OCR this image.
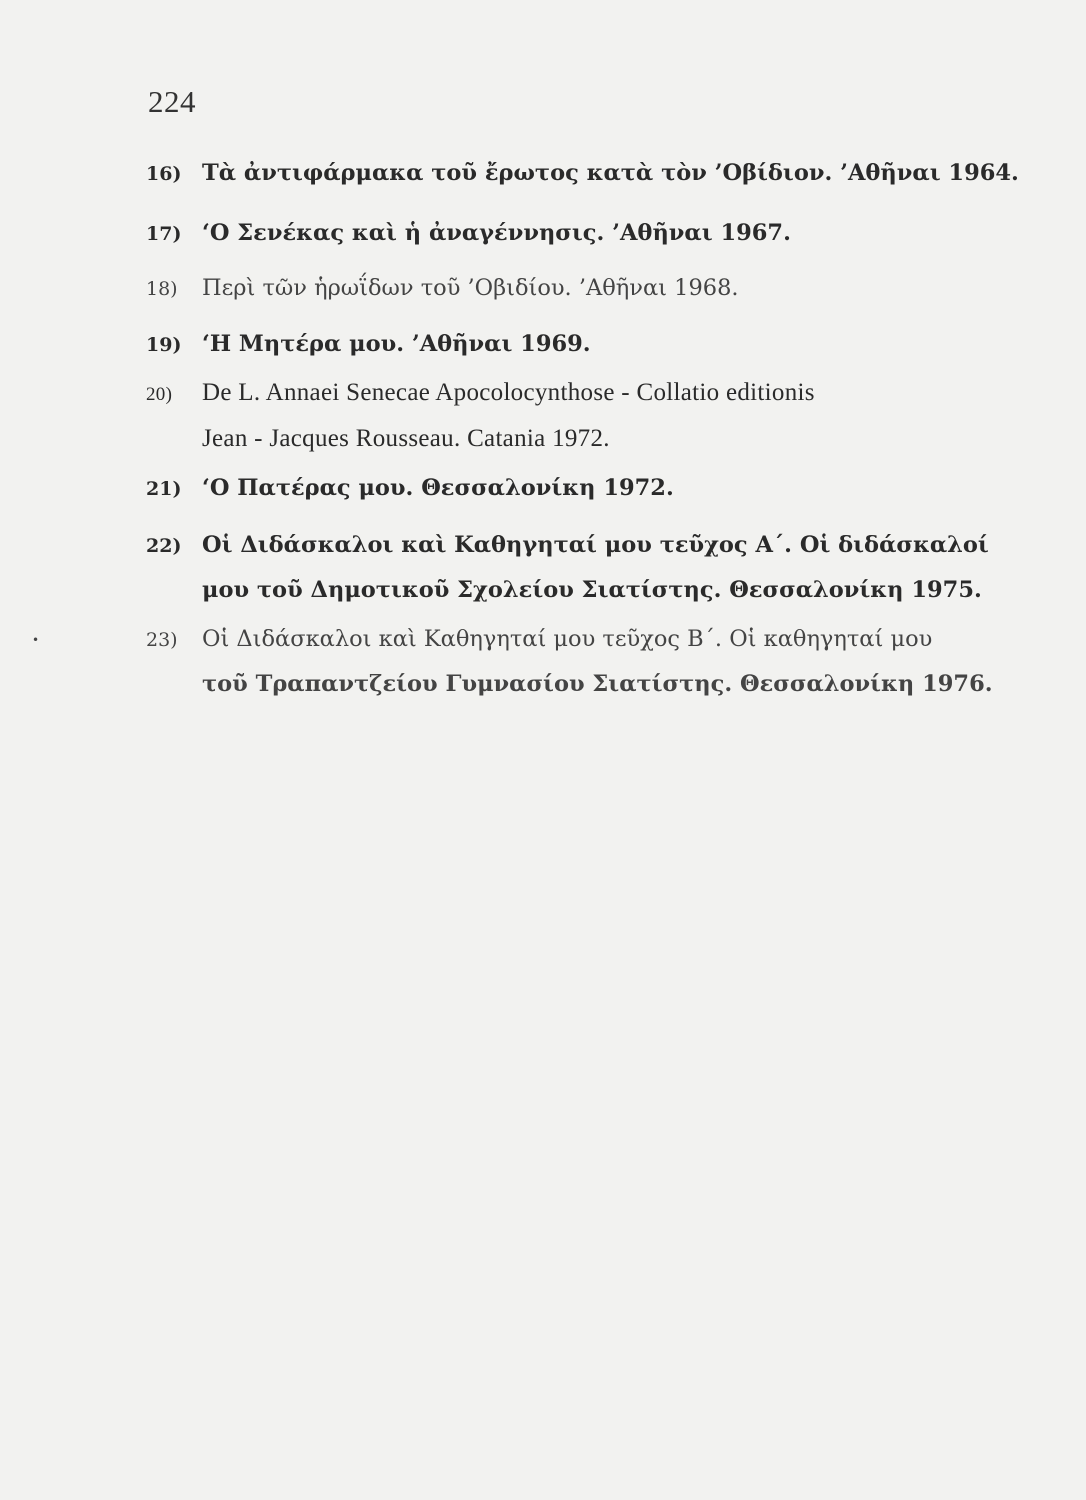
224
16) Τὰ ἀντιφάρμακα τοῦ ἔρωτος κατὰ τὸν ’Οβίδιον. ’Αθῆναι 1964.
17) ‘Ο Σενέκας καὶ ἡ ἀναγέννησις. ’Αθῆναι 1967.
18) Περὶ τῶν ἡρωΐδων τοῦ ’Οβιδίου. ’Αθῆναι 1968.
19) ‘Η Μητέρα μου. ’Αθῆναι 1969.
20) De L. Annaei Senecae Apocolocynthose - Collatio editionis
Jean - Jacques Rousseau. Catania 1972.
21) ‘Ο Πατέρας μου. Θεσσαλονίκη 1972.
22) Οἱ Διδάσκαλοι καὶ Καθηγηταί μου τεῦχος Α΄. Οἱ διδάσκαλοί
μου τοῦ Δημοτικοῦ Σχολείου Σιατίστης. Θεσσαλονίκη 1975.
•	23) Οἱ Διδάσκαλοι καὶ Καθηγηταί μου τεῦχος Β΄. Οἱ καθηγηταί μου
τοῦ Τραπαντζείου Γυμνασίου Σιατίστης. Θεσσαλονίκη 1976.
